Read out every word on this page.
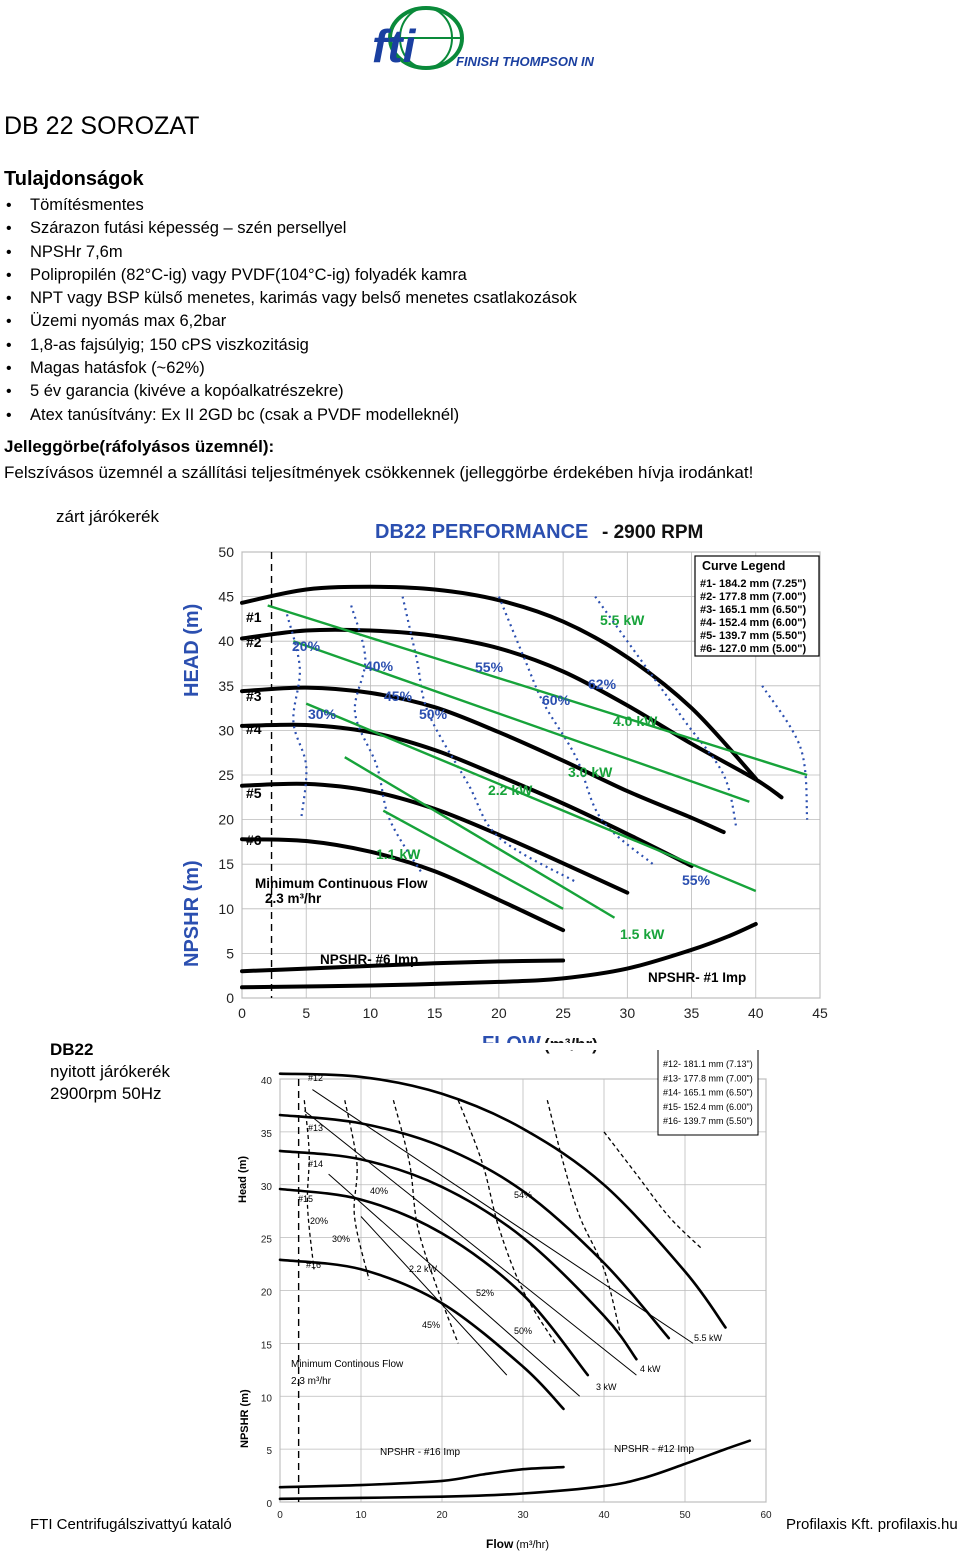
fti	FINISH THOMPSON INC.
DB 22 SOROZAT
Tulajdonságok
• Tömítésmentes
• Szárazon futási képesség – szén persellyel
• NPSHr 7,6m
• Polipropilén (82°C-ig) vagy PVDF(104°C-ig) folyadék kamra
• NPT vagy BSP külső menetes, karimás vagy belső menetes csatlakozások
• Üzemi nyomás max 6,2bar
• 1,8-as fajsúlyig; 150 cPS viszkozitásig
• Magas hatásfok (~62%)
• 5 év garancia (kivéve a kopóalkatrészekre)
• Atex tanúsítvány: Ex II 2GD bc (csak a PVDF modelleknél)
Jelleggörbe(ráfolyásos üzemnél):
Felszívásos üzemnél a szállítási teljesítmények csökkennek (jelleggörbe érdekében hívja irodánkat!
zárt járókerék
0
5
10
15
20
25
30
35
40
45
50
0	5	10	15	20	25	30	35	40	45
DB22 PERFORMANCE - 2900 RPM
HEAD (m)
NPSHR (m)
Curve Legend
#1- 184.2 mm (7.25")
#2- 177.8 mm (7.00")
#3- 165.1 mm (6.50")
#4- 152.4 mm (6.00")
#5- 139.7 mm (5.50")
#6- 127.0 mm (5.00")
#1
#2
#3
#4
#5
#6
20%
30%
40%
45%
50%
55%
60%
62%
55%
5.5 kW
4.0 kW
3.0 kW
2.2 kW
1.5 kW
1.1 kW
Minimum Continuous Flow
2.3 m³/hr
NPSHR- #6 Imp
NPSHR- #1 Imp
DB22
nyitott járókerék
2900rpm 50Hz
0
5
10
15
20
25
30
35
40
0	10	20	30	40	50	60
Head (m)
NPSHR (m)
Flow (m³/hr)
#12- 181.1 mm (7.13")
#13- 177.8 mm (7.00")
#14- 165.1 mm (6.50")
#15- 152.4 mm (6.00")
#16- 139.7 mm (5.50")
#12
#13
#14
#15
#16
20%
30%
40%
45%
50%
52%
54%
2.2 kW
3 kW
4 kW
5.5 kW
Minimum Continous Flow
2.3 m³/hr
NPSHR - #16 Imp	NPSHR - #12 Imp
FTI Centrifugálszivattyú kataló	Profilaxis Kft. profilaxis.hu
